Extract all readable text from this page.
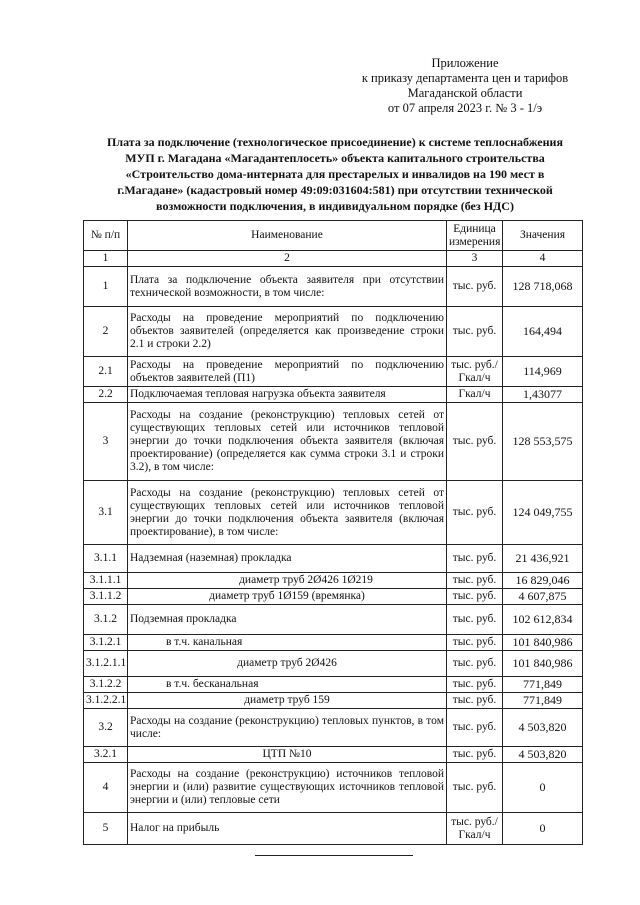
Приложение
к приказу департамента цен и тарифов
Магаданской области
от 07 апреля 2023 г. № 3 - 1/э
Плата за подключение (технологическое присоединение) к системе теплоснабжения
МУП г. Магадана «Магадантеплосеть» объекта капитального строительства
«Строительство дома-интерната для престарелых и инвалидов на 190 мест в
г.Магадане» (кадастровый номер 49:09:031604:581) при отсутствии технической
возможности подключения, в индивидуальном порядке (без НДС)
№ п/п	Наименование	Единица измерения	Значения
1	2	3	4
1	Плата за подключение объекта заявителя при отсутствии технической возможности, в том числе:	тыс. руб.	128 718,068
2	Расходы на проведение мероприятий по подключению объектов заявителей (определяется как произведение строки 2.1 и строки 2.2)	тыс. руб.	164,494
2.1	Расходы на проведение мероприятий по подключению объектов заявителей (П1)	тыс. руб./ Гкал/ч	114,969
2.2	Подключаемая тепловая нагрузка объекта заявителя	Гкал/ч	1,43077
3	Расходы на создание (реконструкцию) тепловых сетей от существующих тепловых сетей или источников тепловой энергии до точки подключения объекта заявителя (включая проектирование) (определяется как сумма строки 3.1 и строки 3.2), в том числе:	тыс. руб.	128 553,575
3.1	Расходы на создание (реконструкцию) тепловых сетей от существующих тепловых сетей или источников тепловой энергии до точки подключения объекта заявителя (включая проектирование), в том числе:	тыс. руб.	124 049,755
3.1.1	Надземная (наземная) прокладка	тыс. руб.	21 436,921
3.1.1.1	диаметр труб 2Ø426 1Ø219	тыс. руб.	16 829,046
3.1.1.2	диаметр труб 1Ø159 (времянка)	тыс. руб.	4 607,875
3.1.2	Подземная прокладка	тыс. руб.	102 612,834
3.1.2.1	в т.ч. канальная	тыс. руб.	101 840,986
3.1.2.1.1	диаметр труб 2Ø426	тыс. руб.	101 840,986
3.1.2.2	в т.ч. бесканальная	тыс. руб.	771,849
3.1.2.2.1	диаметр труб 159	тыс. руб.	771,849
3.2	Расходы на создание (реконструкцию) тепловых пунктов, в том числе:	тыс. руб.	4 503,820
3.2.1	ЦТП №10	тыс. руб.	4 503,820
4	Расходы на создание (реконструкцию) источников тепловой энергии и (или) развитие существующих источников тепловой энергии и (или) тепловые сети	тыс. руб.	0
5	Налог на прибыль	тыс. руб./ Гкал/ч	0
